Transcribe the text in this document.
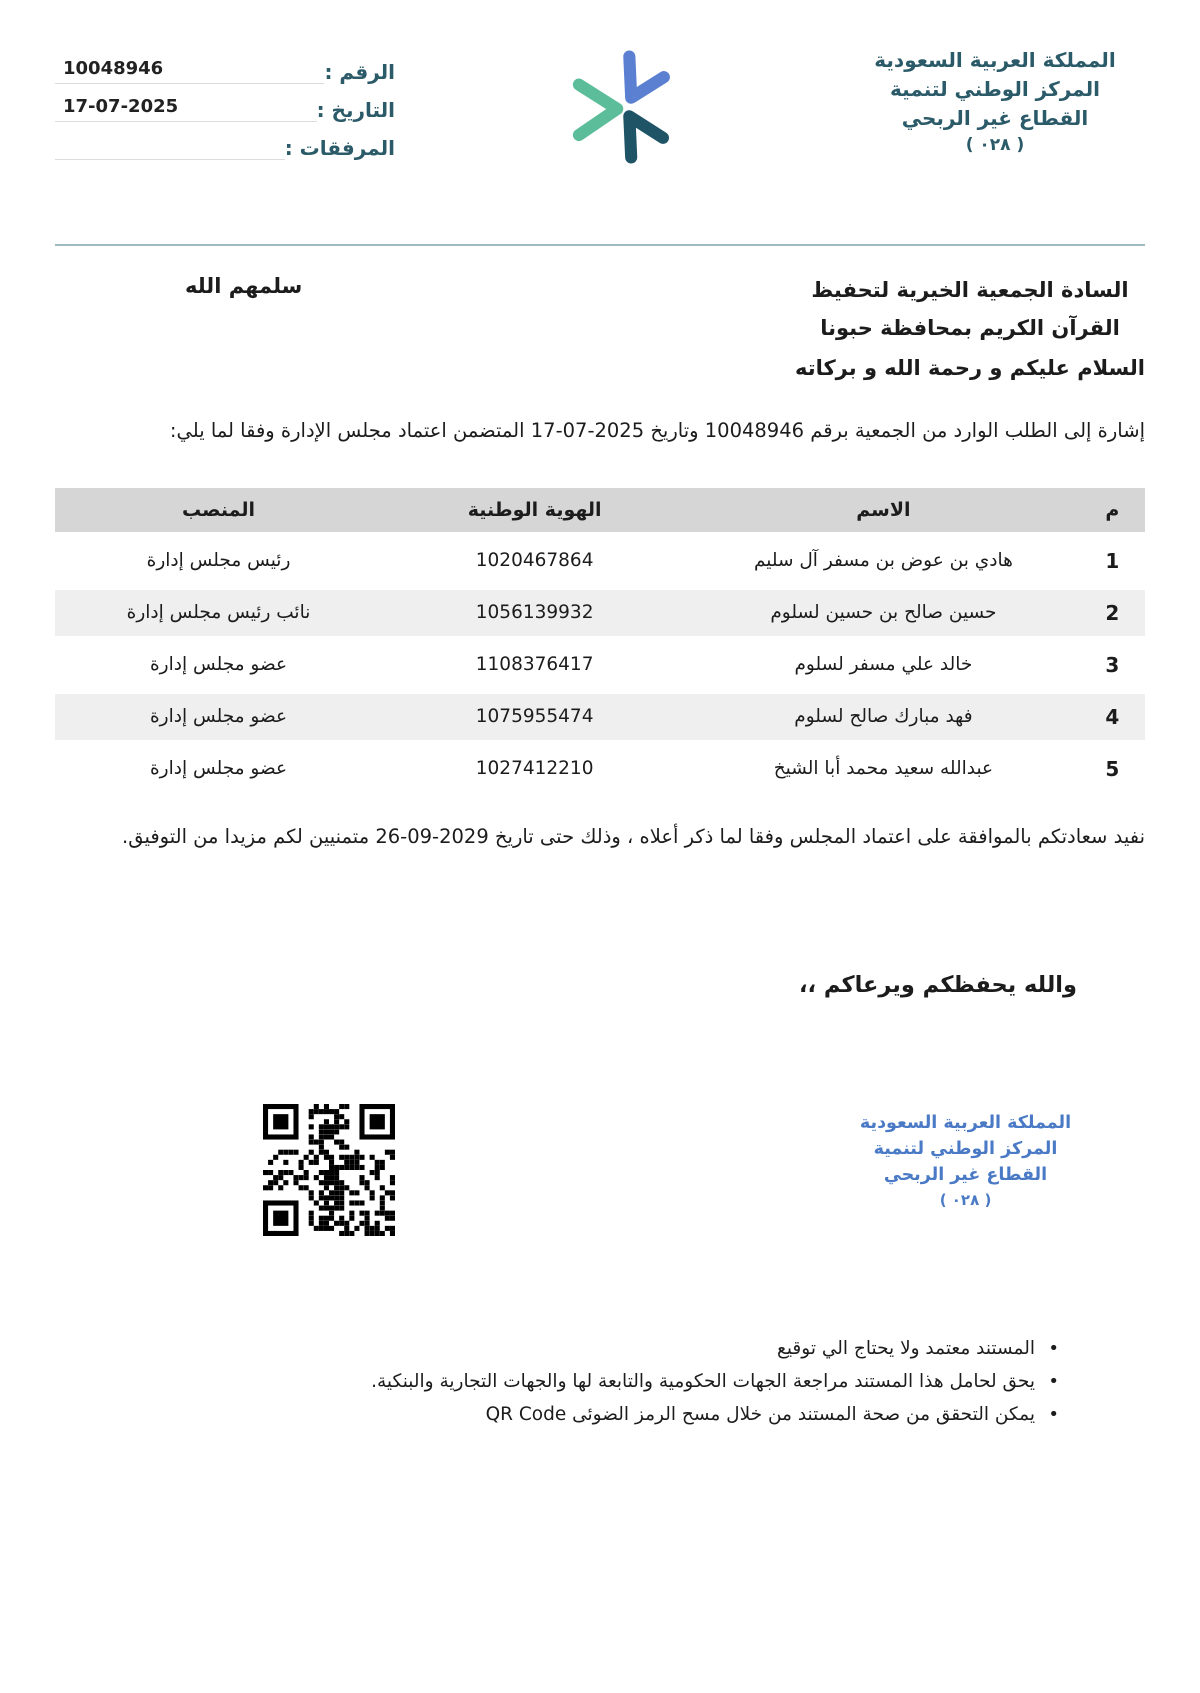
المملكة العربية السعودية
المركز الوطني لتنمية
القطاع غير الربحي
( ٠٢٨ )
الرقم :
10048946
التاريخ :
17-07-2025
المرفقات :
السادة الجمعية الخيرية لتحفيظ القرآن الكريم بمحافظة حبونا
سلمهم الله
السلام عليكم و رحمة الله و بركاته

إشارة إلى الطلب الوارد من الجمعية برقم 10048946 وتاريخ 2025-07-17 المتضمن اعتماد مجلس الإدارة وفقا لما يلي:

م	الاسم	الهوية الوطنية	المنصب
1	هادي بن عوض بن مسفر آل سليم	1020467864	رئيس مجلس إدارة
2	حسين صالح بن حسين لسلوم	1056139932	نائب رئيس مجلس إدارة
3	خالد علي مسفر لسلوم	1108376417	عضو مجلس إدارة
4	فهد مبارك صالح لسلوم	1075955474	عضو مجلس إدارة
5	عبدالله سعيد محمد أبا الشيخ	1027412210	عضو مجلس إدارة

نفيد سعادتكم بالموافقة على اعتماد المجلس وفقا لما ذكر أعلاه ، وذلك حتى تاريخ 2029-09-26 متمنيين لكم مزيدا من التوفيق.

والله يحفظكم ويرعاكم ،،
المملكة العربية السعودية
المركز الوطني لتنمية
القطاع غير الربحي
( ٠٢٨ )
• المستند معتمد ولا يحتاج الي توقيع
• يحق لحامل هذا المستند مراجعة الجهات الحكومية والتابعة لها والجهات التجارية والبنكية.
• يمكن التحقق من صحة المستند من خلال مسح الرمز الضوئى QR Code
